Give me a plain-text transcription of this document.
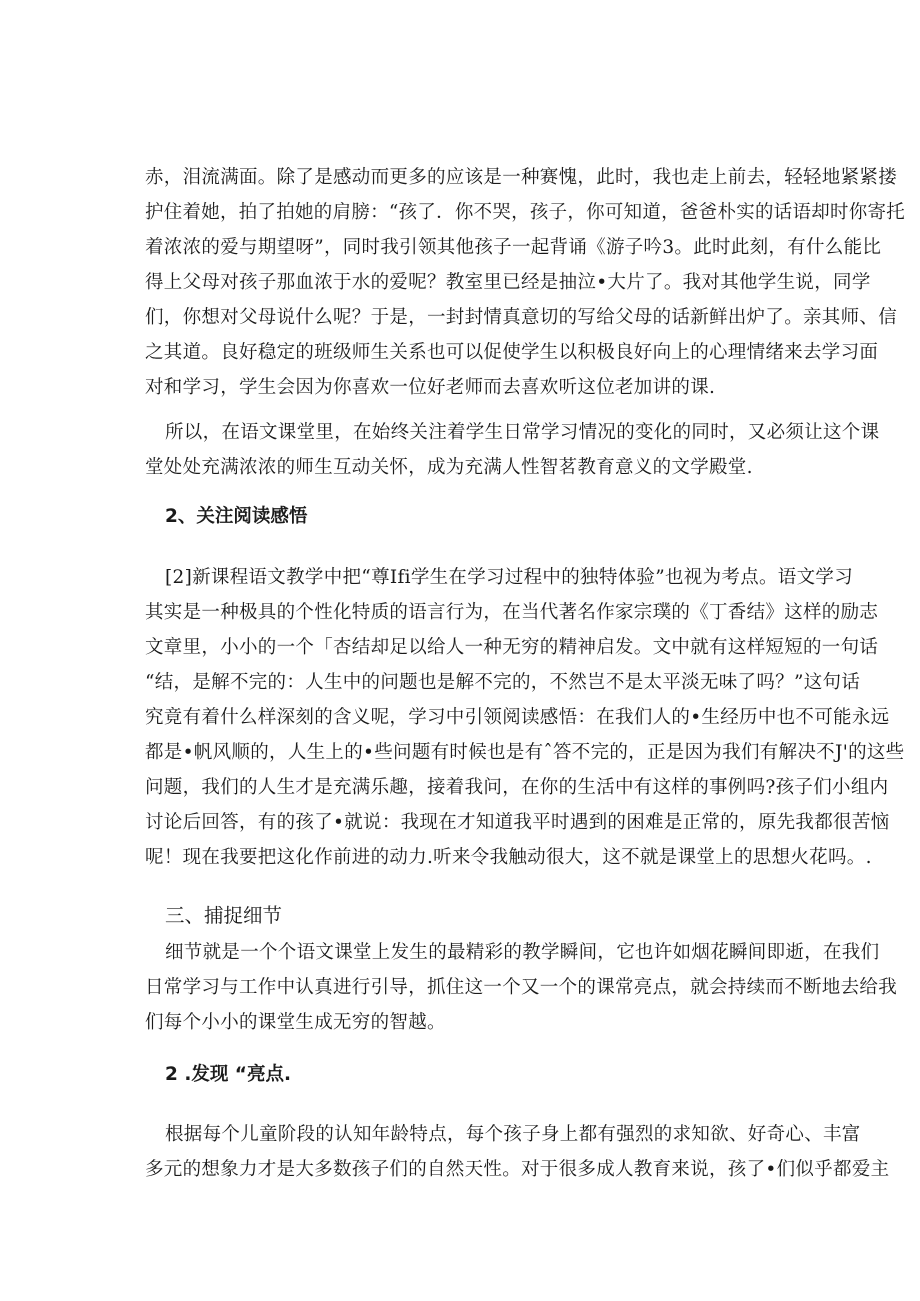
赤，泪流满面。除了是感动而更多的应该是一种赛愧，此时，我也走上前去，轻轻地紧紧搂
护住着她，拍了拍她的肩膀：“孩了．你不哭，孩子，你可知道，爸爸朴实的话语却时你寄托
着浓浓的爱与期望呀”，同时我引领其他孩子一起背诵《游子吟3。此时此刻，有什么能比
得上父母对孩子那血浓于水的爱呢？教室里已经是抽泣•大片了。我对其他学生说，同学
们，你想对父母说什么呢？于是，一封封情真意切的写给父母的话新鲜出炉了。亲其师、信
之其道。良好稳定的班级师生关系也可以促使学生以积极良好向上的心理情绪来去学习面
对和学习，学生会因为你喜欢一位好老师而去喜欢听这位老加讲的课.
所以，在语文课堂里，在始终关注着学生日常学习情况的变化的同时，又必须让这个课
堂处处充满浓浓的师生互动关怀，成为充满人性智茗教育意义的文学殿堂.
2、关注阅读感悟
[2]新课程语文教学中把“尊Ifi学生在学习过程中的独特体验”也视为考点。语文学习
其实是一种极具的个性化特质的语言行为，在当代著名作家宗璞的《丁香结》这样的励志
文章里，小小的一个「杏结却足以给人一种无穷的精神启发。文中就有这样短短的一句话
“结，是解不完的：人生中的问题也是解不完的，不然岂不是太平淡无味了吗？”这句话
究竟有着什么样深刻的含义呢，学习中引领阅读感悟：在我们人的•生经历中也不可能永远
都是•帆风顺的，人生上的•些问题有时候也是有ˆ答不完的，正是因为我们有解决不J'的这些
问题，我们的人生才是充满乐趣，接着我问，在你的生活中有这样的事例吗?孩子们小组内
讨论后回答，有的孩了•就说：我现在才知道我平时遇到的困难是正常的，原先我都很苦恼
呢！现在我要把这化作前进的动力.听来令我触动很大，这不就是课堂上的思想火花吗。.
三、捕捉细节
细节就是一个个语文课堂上发生的最精彩的教学瞬间，它也许如烟花瞬间即逝，在我们
日常学习与工作中认真进行引导，抓住这一个又一个的课常亮点，就会持续而不断地去给我
们每个小小的课堂生成无穷的智越。
2 .发现 “亮点.
根据每个儿童阶段的认知年龄特点，每个孩子身上都有强烈的求知欲、好奇心、丰富
多元的想象力才是大多数孩子们的自然天性。对于很多成人教育来说，孩了•们似乎都爱主
